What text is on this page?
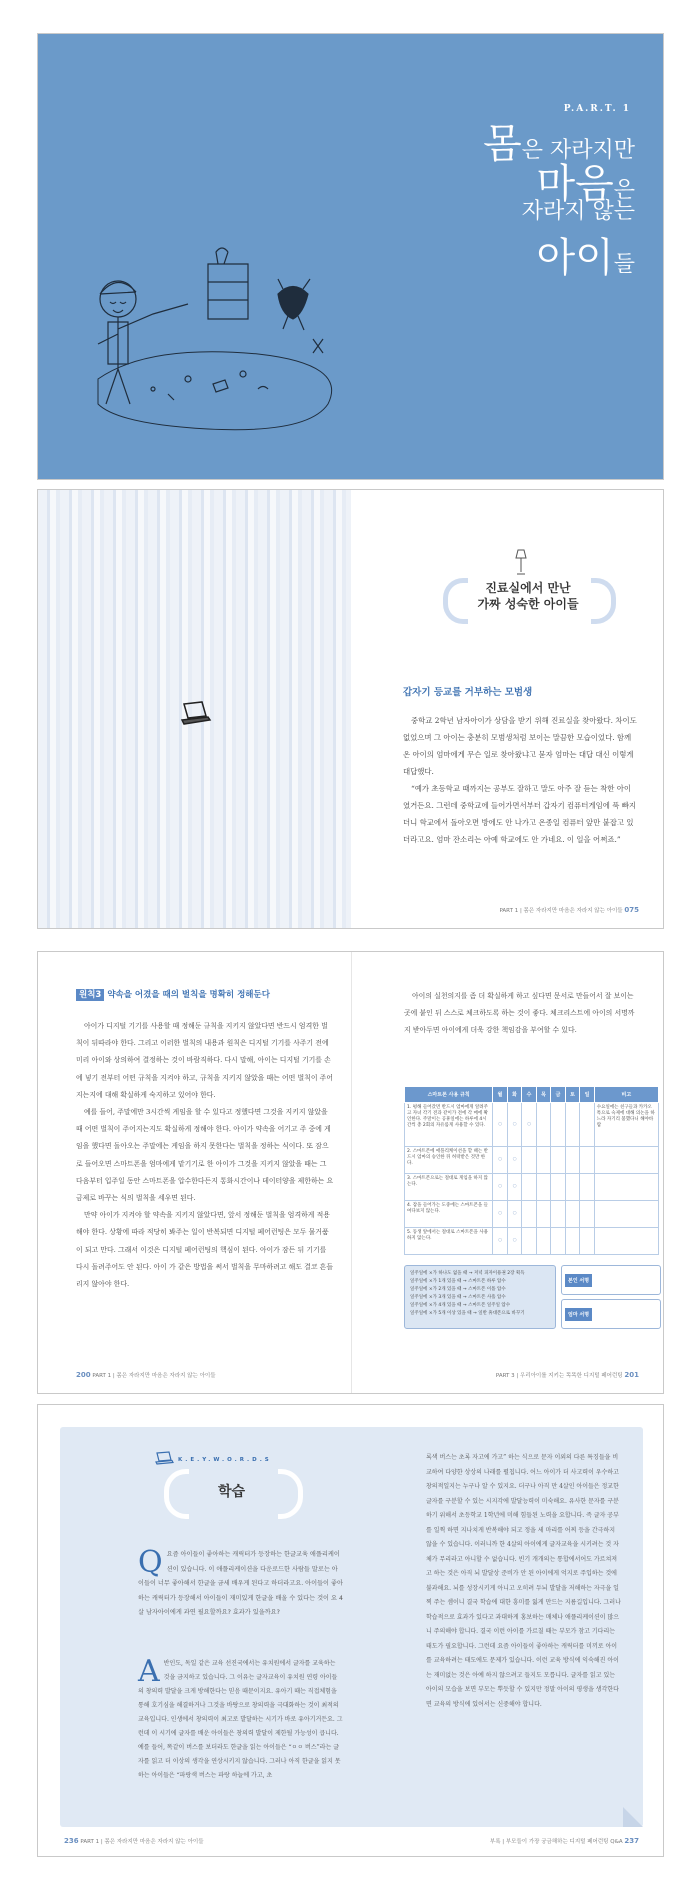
P.A.R.T. 1
몸은 자라지만
마음은
자라지 않는
아이들
진료실에서 만난
가짜 성숙한 아이들
갑자기 등교를 거부하는 모범생

중학교 2학년 남자아이가 상담을 받기 위해 진료실을 찾아왔다. 차이도 없었으며 그 아이는 충분히 모범생처럼 보이는 말끔한 모습이었다. 함께 온 아이의 엄마에게 무슨 일로 찾아왔냐고 묻자 엄마는 대답 대신 이렇게 대답했다.

“예가 초등학교 때까지는 공부도 잘하고 말도 아주 잘 듣는 착한 아이였거든요. 그런데 중학교에 들어가면서부터 갑자기 컴퓨터게임에 푹 빠지더니 학교에서 돌아오면 방에도 안 나가고 온종일 컴퓨터 앞만 붙잡고 있더라고요. 엄마 잔소리는 아예 학교에도 안 가네요. 이 일을 어쩌죠.”

PART 1 | 몸은 자라지만 마음은 자라지 않는 아이들 075
원칙3 약속을 어겼을 때의 벌칙을 명확히 정해둔다

아이가 디지털 기기를 사용할 때 정해둔 규칙을 지키지 않았다면 반드시 엄격한 벌칙이 뒤따라야 한다. 그리고 이러한 벌칙의 내용과 원칙은 디지털 기기를 사주기 전에 미리 아이와 상의하여 결정하는 것이 바람직하다. 다시 말해, 아이는 디지털 기기를 손에 넣기 전부터 어떤 규칙을 지켜야 하고, 규칙을 지키지 않았을 때는 어떤 벌칙이 주어지는지에 대해 확실하게 숙지하고 있어야 한다.

예를 들어, 주말에만 3시간씩 게임을 할 수 있다고 정했다면 그것을 지키지 않았을 때 어떤 벌칙이 주어지는지도 확실하게 정해야 한다. 아이가 약속을 어기고 주 중에 게임을 했다면 돌아오는 주말에는 게임을 하지 못한다는 벌칙을 정하는 식이다. 또 잠으로 들어오면 스마트폰을 엄마에게 맡기기로 한 아이가 그것을 지키지 않았을 때는 그 다음부터 입주일 동안 스마트폰을 압수한다든지 통화시간이나 데이터양을 제한하는 요금제로 바꾸는 식의 벌칙을 세우면 된다.

만약 아이가 지켜야 할 약속을 지키지 않았다면, 앞서 정해둔 벌칙을 엄격하게 적용해야 한다. 상황에 따라 적당히 봐주는 일이 반복되면 디지털 페어런팅은 모두 물거품이 되고 만다. 그래서 이것은 디지털 페어런팅의 핵심이 된다. 아이가 잠든 뒤 기기를 다시 돌려주어도 안 된다. 아이 가 같은 방법을 써서 벌칙을 무마하려고 해도 결코 흔들리지 않아야 한다.

아이의 실천의지를 좀 더 확실하게 하고 싶다면 문서로 만들어서 잘 보이는 곳에 붙인 뒤 스스로 체크하도록 하는 것이 좋다. 체크리스트에 아이의 서명까지 받아두면 아이에게 더욱 강한 책임감을 부여할 수 있다.

스마트폰 사용 규칙	월	화	수	목	금	토	일	비고
1. 평해 들어갔면 반드시 엄마에게 알려주고 자녀 각기 전과 같이가 전에 각 매에 확인한다. 주말이는 공휴일에는 하루에 4시간씩 총 2회의 자유롭게 사용할 수 있다.	○	○	○					수요일에는 친구들과 카카오톡으로 숙제에 대해 의논을 하느라 자기리 불했다니 해야바랍
2. 스마트폰에 애플리케이션을 할 때는 반드시 엄마의 승인한 뒤 허락받은 것만 한다.	○	○						
3. 스마트폰으로는 절대로 게임을 하지 않는다.	○	○						
4. 잠을 들어가는 도중에는 스마트폰을 들여다보지 않는다.	○	○						
5. 동생 앞에서는 절대로 스마트폰을 사용하지 않는다.	○	○						
일주일에 ×가 하나도 없을 때 → 저녁 피자이용권 2장 획득
일주일에 ×가 1개 있을 때 → 스마트폰 하루 압수
일주일에 ×가 2개 있을 때 → 스마트폰 이틀 압수
일주일에 ×가 3개 있을 때 → 스마트폰 사흘 압수
일주일에 ×가 4개 있을 때 → 스마트폰 일주일 압수
일주일에 ×가 5개 이상 있을 때 → 일반 휴대폰으로 바꾸기
본인 서명
엄마 서명
200 PART 1 | 몸은 자라지만 마음은 자라지 않는 아이들	PART 3 | 우리아이를 지키는 똑똑한 디지털 페어런팅 201
K.E.Y.W.O.R.D.S
학습
Q요즘 아이들이 좋아하는 캐릭터가 등장하는 한글교육 애플리케이션이 있습니다. 이 애플리케이션을 다운로드한 사람들 말로는 아이들이 너무 좋아해서 한글을 금세 배우게 된다고 하더라고요. 아이들이 좋아하는 캐릭터가 등장해서 아이들이 재미있게 한글을 배울 수 있다는 것이 요 4살 남자아이에게 과연 필요할까요? 효과가 있을까요?
A반인도, 독일 같은 교육 선진국에서는 유치원에서 글자를 교육하는 것을 금지하고 있습니다. 그 이유는 글자교육이 유치원 연령 아이들의 창의력 발달을 크게 방해한다는 믿음 때문이지요. 유아기 때는 직접체험을 통해 호기심을 해결하거나 그것을 바탕으로 창의력을 극대화하는 것이 최적의 교육입니다. 인생에서 창의력이 최고로 발달하는 시기가 바로 유아기거든요. 그런데 이 시기에 글자를 배운 아이들은 창의력 발달이 제한될 가능성이 큽니다. 예를 들어, 똑같이 버스를 보더라도 한글을 읽는 아이들은 “ㅇㅇ 버스”라는 글자를 읽고 더 이상의 생각을 연상시키지 않습니다. 그러나 아직 한글을 읽지 못하는 아이들은 “파랑색 버스는 파랑 하늘에 가고, 초
록색 버스는 초록 자고에 가고” 하는 식으로 문자 이외의 다른 특징들을 비교하여 다양한 상상의 나래를 펼칩니다. 어느 아이가 더 사고력이 우수하고 창의적일지는 누구나 알 수 있지요. 더구나 아직 만 4살인 아이들은 정교한 글자를 구분할 수 있는 시지각에 발달능력이 미숙해요. 유사한 문자를 구분하기 위해서 초등학교 1학년에 미해 힘들된 노력을 요합니다. 즉 글자 공부를 일찍 하면 지나치게 반복해야 되고 정을 세 마리를 어찌 등을 간극하지 않을 수 있습니다. 이러니까 한 4살의 아이에게 글자교육을 시키려는 것 자체가 무리라고 아니할 수 없습니다. 빈기 개개의는 통합에서어도 가르쳐져고 하는 것은 아직 뇌 발달상 준비가 안 된 아이에게 억지로 주입하는 것에 불과해요. 뇌를 성장시키게 아니고 오히려 두뇌 발달을 저해하는 자극을 일찍 주는 셈이니 결국 학습에 대한 흥미를 잃게 만드는 지름길입니다. 그러나 학습적으로 효과가 있다고 과대하게 홍보하는 매체나 애플리케이션이 많으니 주의해야 합니다. 결국 이런 아이를 가르칠 때는 부모가 참고 기다리는 태도가 필요합니다. 그런데 요즘 아이들이 좋아하는 캐릭터를 미끼로 아이를 교육하려는 태도에도 문제가 있습니다. 이런 교육 방식에 익숙해진 아이는 재미없는 것은 아예 하지 않으려고 들지도 모릅니다. 글자를 읽고 있는 아이의 모습을 보면 부모는 뿌듯할 수 있지만 정말 아이의 평생을 생각한다면 교육의 방식에 있어서는 신중해야 합니다.
236 PART 1 | 몸은 자라지만 마음은 자라지 않는 아이들	부록 | 부모들이 가장 궁금해하는 디지털 페어런팅 Q&A 237
